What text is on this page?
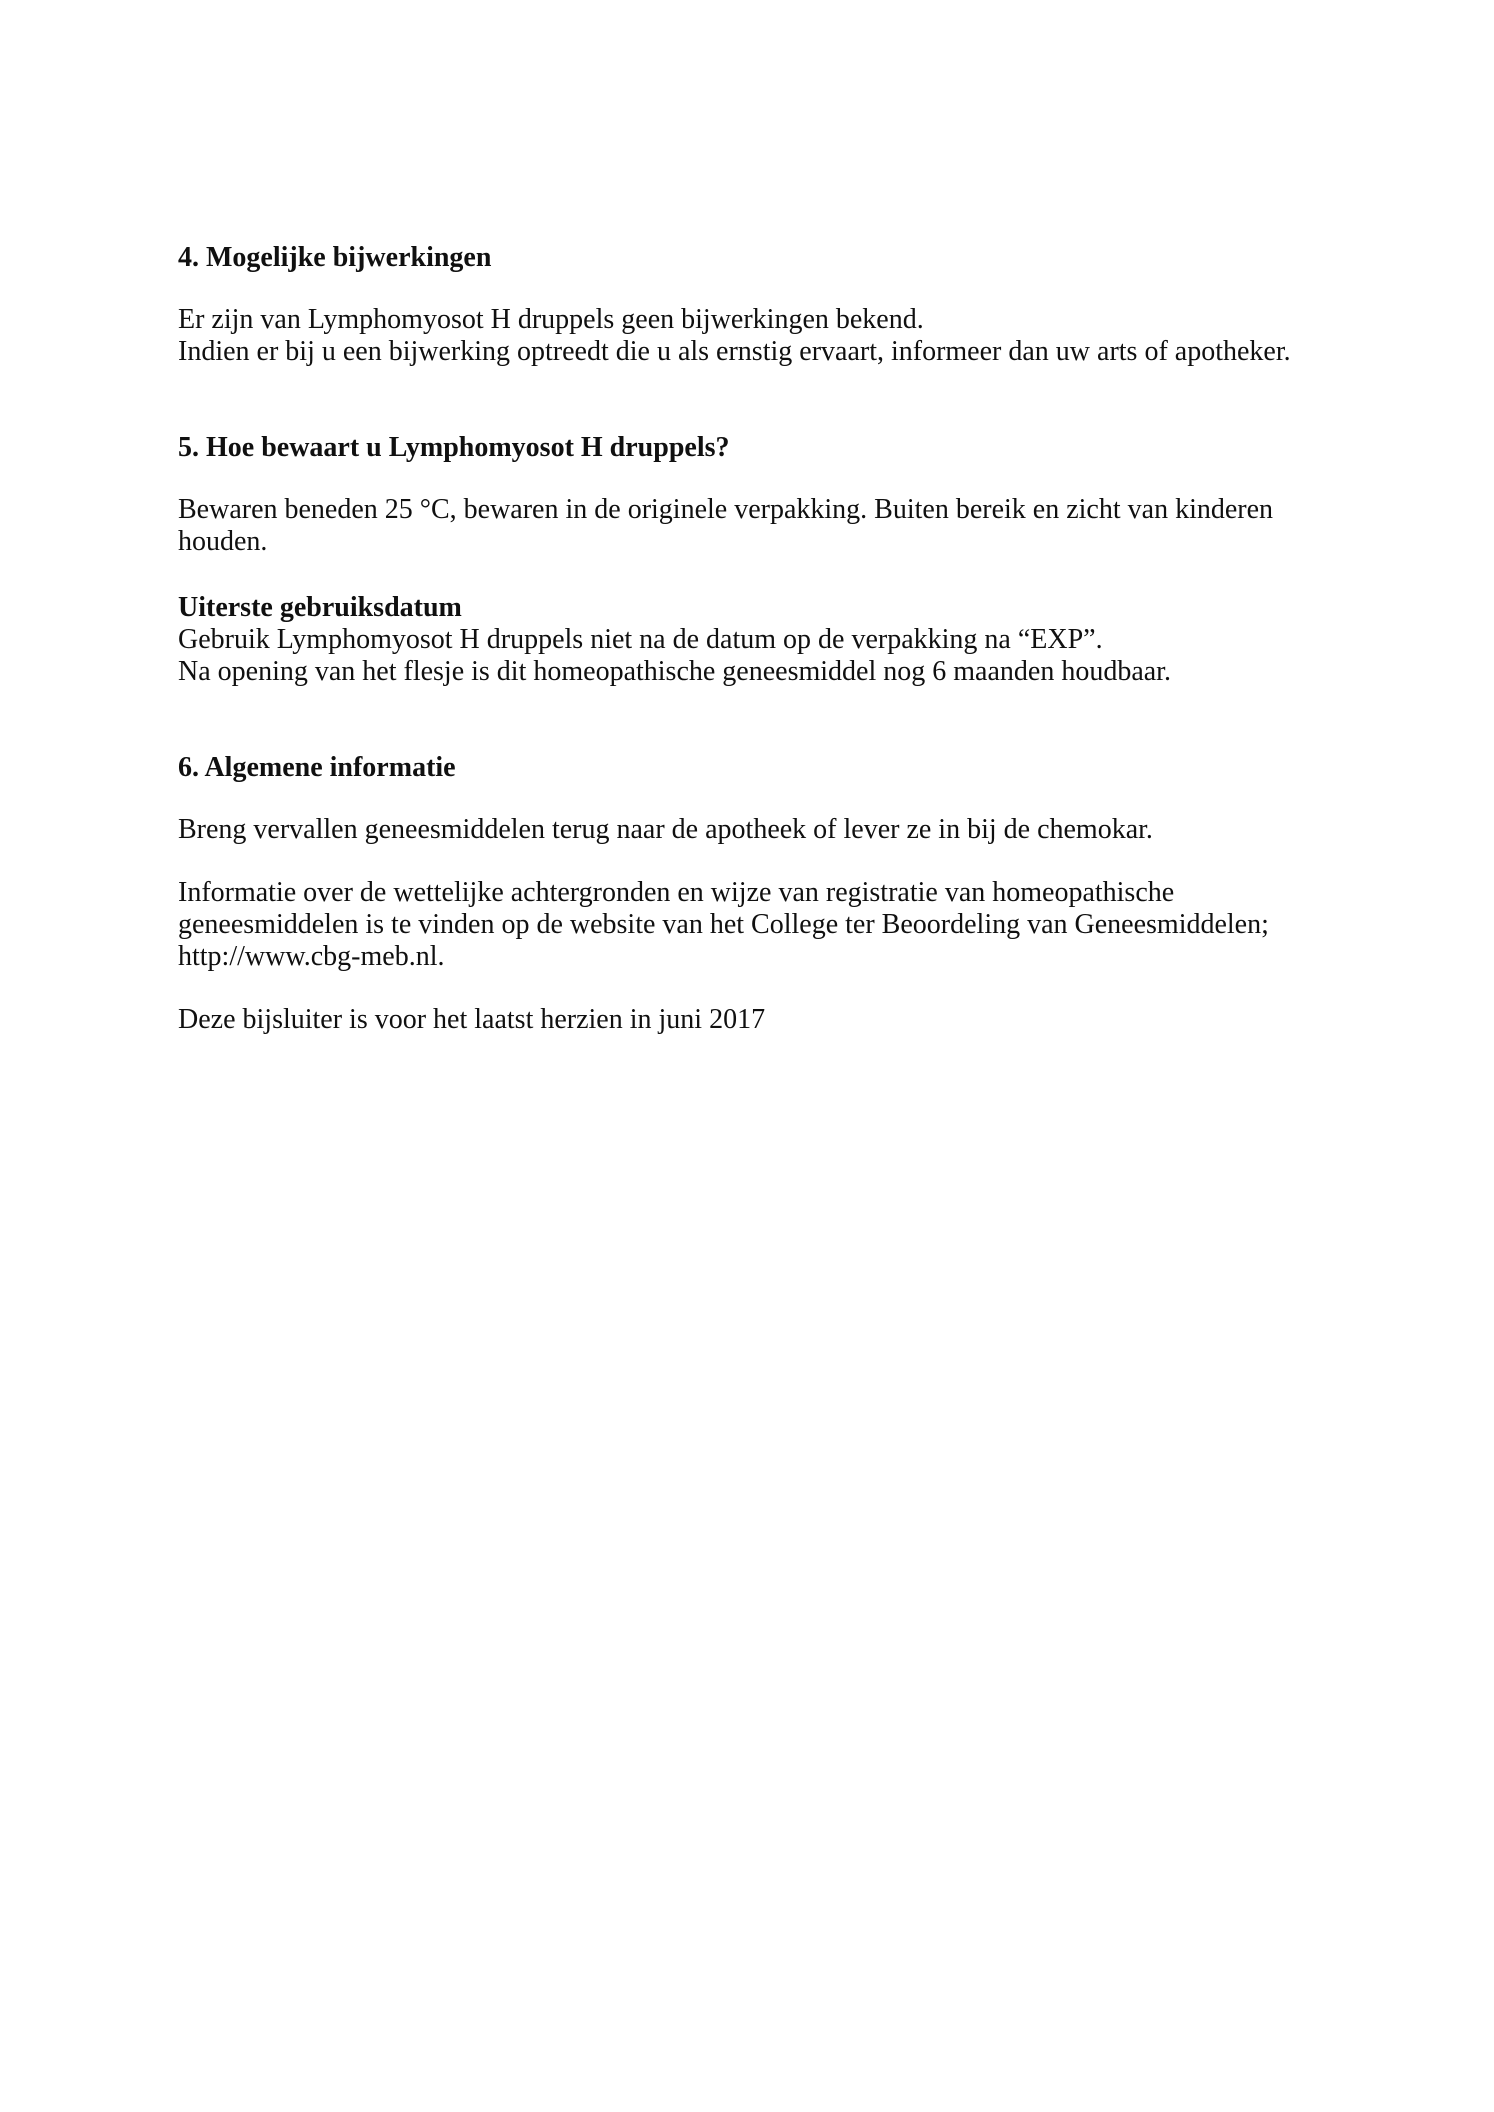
4. Mogelijke bijwerkingen
Er zijn van Lymphomyosot H druppels geen bijwerkingen bekend.
Indien er bij u een bijwerking optreedt die u als ernstig ervaart, informeer dan uw arts of apotheker.
5. Hoe bewaart u Lymphomyosot H druppels?
Bewaren beneden 25 °C, bewaren in de originele verpakking. Buiten bereik en zicht van kinderen
houden.
Uiterste gebruiksdatum
Gebruik Lymphomyosot H druppels niet na de datum op de verpakking na “EXP”.
Na opening van het flesje is dit homeopathische geneesmiddel nog 6 maanden houdbaar.
6. Algemene informatie
Breng vervallen geneesmiddelen terug naar de apotheek of lever ze in bij de chemokar.
Informatie over de wettelijke achtergronden en wijze van registratie van homeopathische
geneesmiddelen is te vinden op de website van het College ter Beoordeling van Geneesmiddelen;
http://www.cbg-meb.nl.
Deze bijsluiter is voor het laatst herzien in juni 2017
